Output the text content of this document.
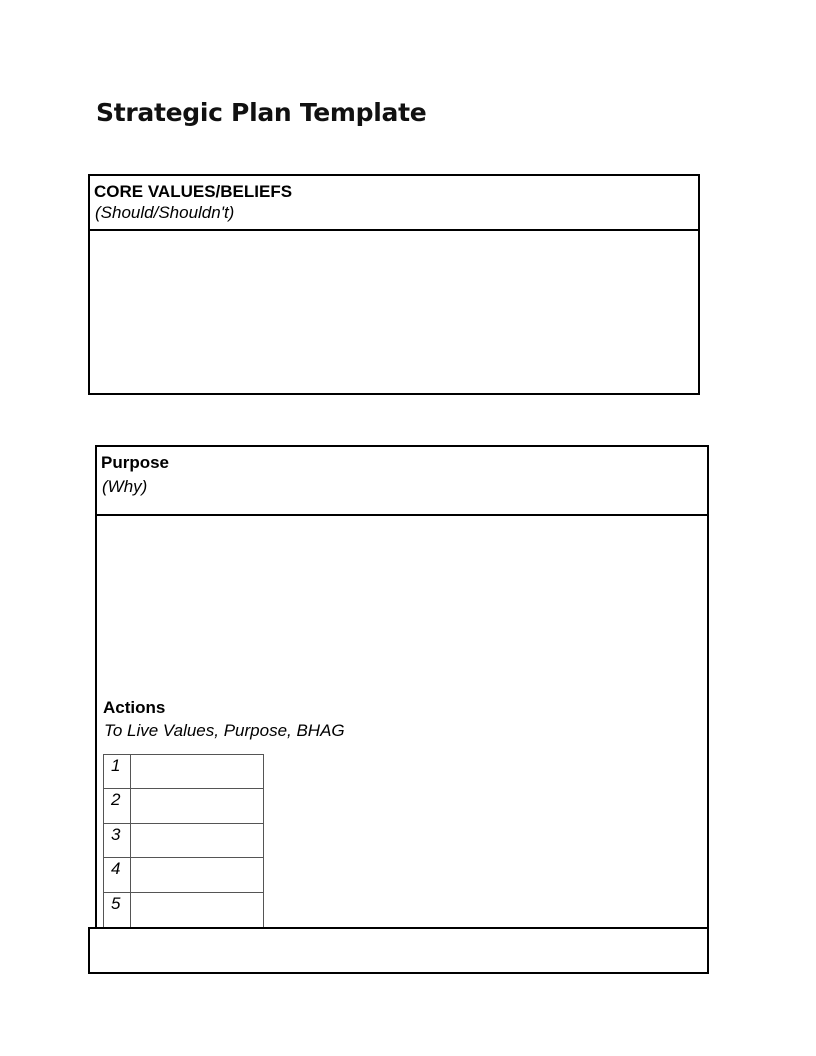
Strategic Plan Template
CORE VALUES/BELIEFS
(Should/Shouldn't)
Purpose
(Why)
Actions
To Live Values, Purpose, BHAG
1
2
3
4
5
